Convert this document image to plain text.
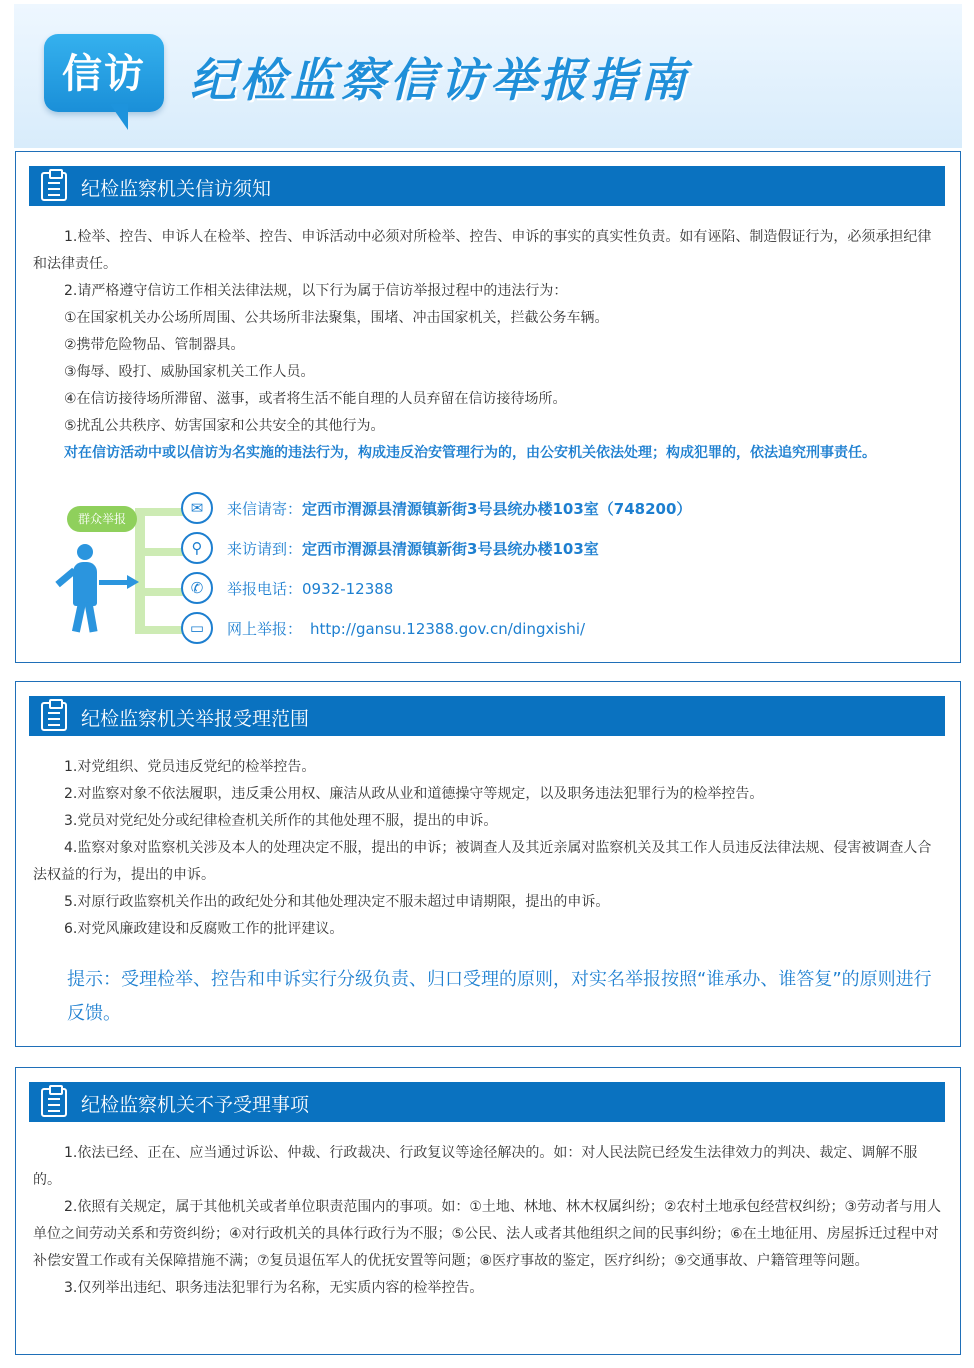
信访 纪检监察信访举报指南
纪检监察机关信访须知

1.检举、控告、申诉人在检举、控告、申诉活动中必须对所检举、控告、申诉的事实的真实性负责。如有诬陷、制造假证行为，必须承担纪律和法律责任。

2.请严格遵守信访工作相关法律法规，以下行为属于信访举报过程中的违法行为：

①在国家机关办公场所周围、公共场所非法聚集，围堵、冲击国家机关，拦截公务车辆。

②携带危险物品、管制器具。

③侮辱、殴打、威胁国家机关工作人员。

④在信访接待场所滞留、滋事，或者将生活不能自理的人员弃留在信访接待场所。

⑤扰乱公共秩序、妨害国家和公共安全的其他行为。

对在信访活动中或以信访为名实施的违法行为，构成违反治安管理行为的，由公安机关依法处理；构成犯罪的，依法追究刑事责任。

群众举报
✉	来信请寄：定西市渭源县清源镇新街3号县统办楼103室（748200）
⚲	来访请到：定西市渭源县清源镇新街3号县统办楼103室
✆	举报电话：0932-12388
▭	网上举报： http://gansu.12388.gov.cn/dingxishi/
纪检监察机关举报受理范围

1.对党组织、党员违反党纪的检举控告。

2.对监察对象不依法履职，违反秉公用权、廉洁从政从业和道德操守等规定，以及职务违法犯罪行为的检举控告。

3.党员对党纪处分或纪律检查机关所作的其他处理不服，提出的申诉。

4.监察对象对监察机关涉及本人的处理决定不服，提出的申诉；被调查人及其近亲属对监察机关及其工作人员违反法律法规、侵害被调查人合法权益的行为，提出的申诉。

5.对原行政监察机关作出的政纪处分和其他处理决定不服未超过申请期限，提出的申诉。

6.对党风廉政建设和反腐败工作的批评建议。

提示：受理检举、控告和申诉实行分级负责、归口受理的原则，对实名举报按照“谁承办、谁答复”的原则进行反馈。

纪检监察机关不予受理事项

1.依法已经、正在、应当通过诉讼、仲裁、行政裁决、行政复议等途径解决的。如：对人民法院已经发生法律效力的判决、裁定、调解不服的。

2.依照有关规定，属于其他机关或者单位职责范围内的事项。如：①土地、林地、林木权属纠纷；②农村土地承包经营权纠纷；③劳动者与用人单位之间劳动关系和劳资纠纷；④对行政机关的具体行政行为不服；⑤公民、法人或者其他组织之间的民事纠纷；⑥在土地征用、房屋拆迁过程中对补偿安置工作或有关保障措施不满；⑦复员退伍军人的优抚安置等问题；⑧医疗事故的鉴定，医疗纠纷；⑨交通事故、户籍管理等问题。

3.仅列举出违纪、职务违法犯罪行为名称，无实质内容的检举控告。
